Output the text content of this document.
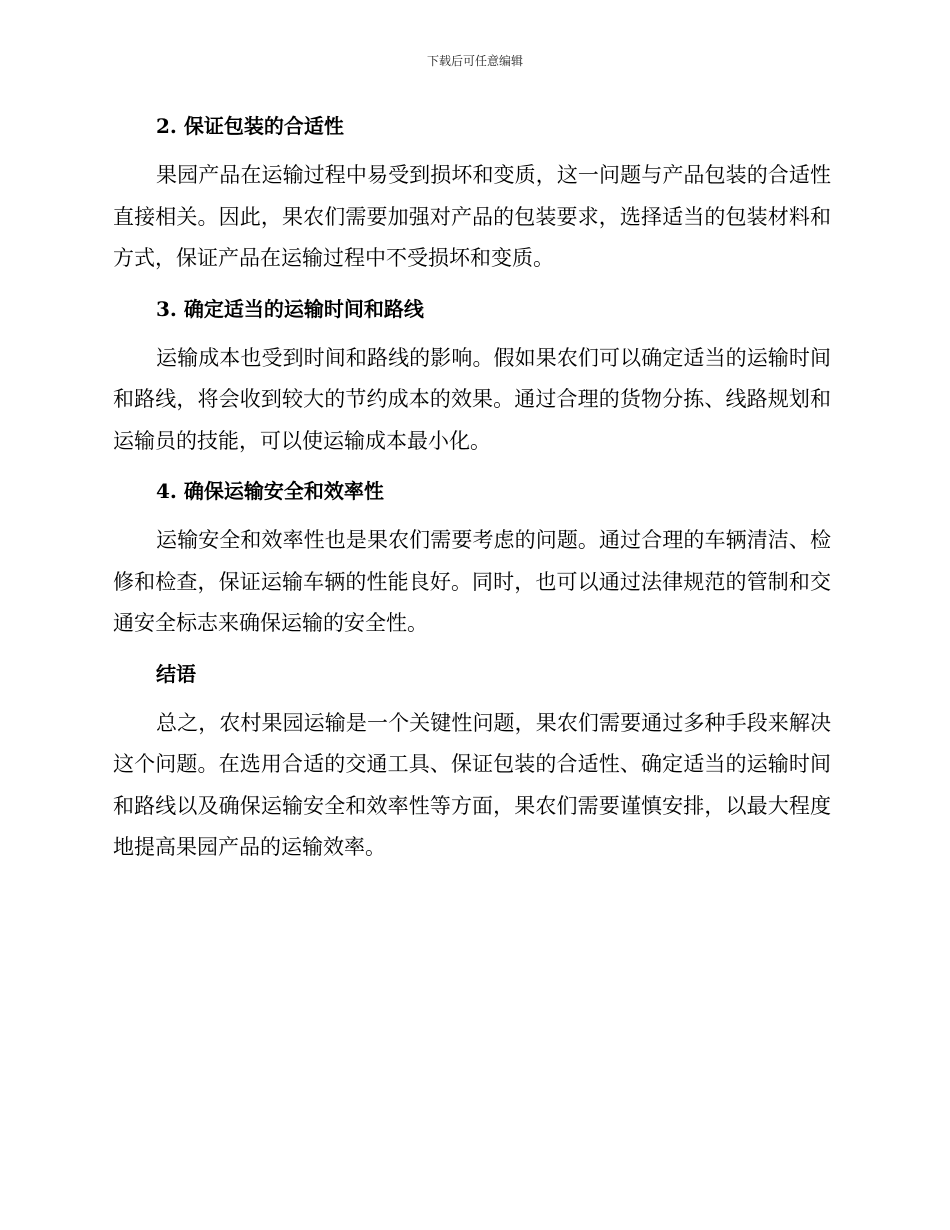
下载后可任意编辑
2. 保证包装的合适性

果园产品在运输过程中易受到损坏和变质，这一问题与产品包装的合适性直接相关。因此，果农们需要加强对产品的包装要求，选择适当的包装材料和方式，保证产品在运输过程中不受损坏和变质。

3. 确定适当的运输时间和路线

运输成本也受到时间和路线的影响。假如果农们可以确定适当的运输时间和路线，将会收到较大的节约成本的效果。通过合理的货物分拣、线路规划和运输员的技能，可以使运输成本最小化。

4. 确保运输安全和效率性

运输安全和效率性也是果农们需要考虑的问题。通过合理的车辆清洁、检修和检查，保证运输车辆的性能良好。同时，也可以通过法律规范的管制和交通安全标志来确保运输的安全性。

结语

总之，农村果园运输是一个关键性问题，果农们需要通过多种手段来解决这个问题。在选用合适的交通工具、保证包装的合适性、确定适当的运输时间和路线以及确保运输安全和效率性等方面，果农们需要谨慎安排，以最大程度地提高果园产品的运输效率。
